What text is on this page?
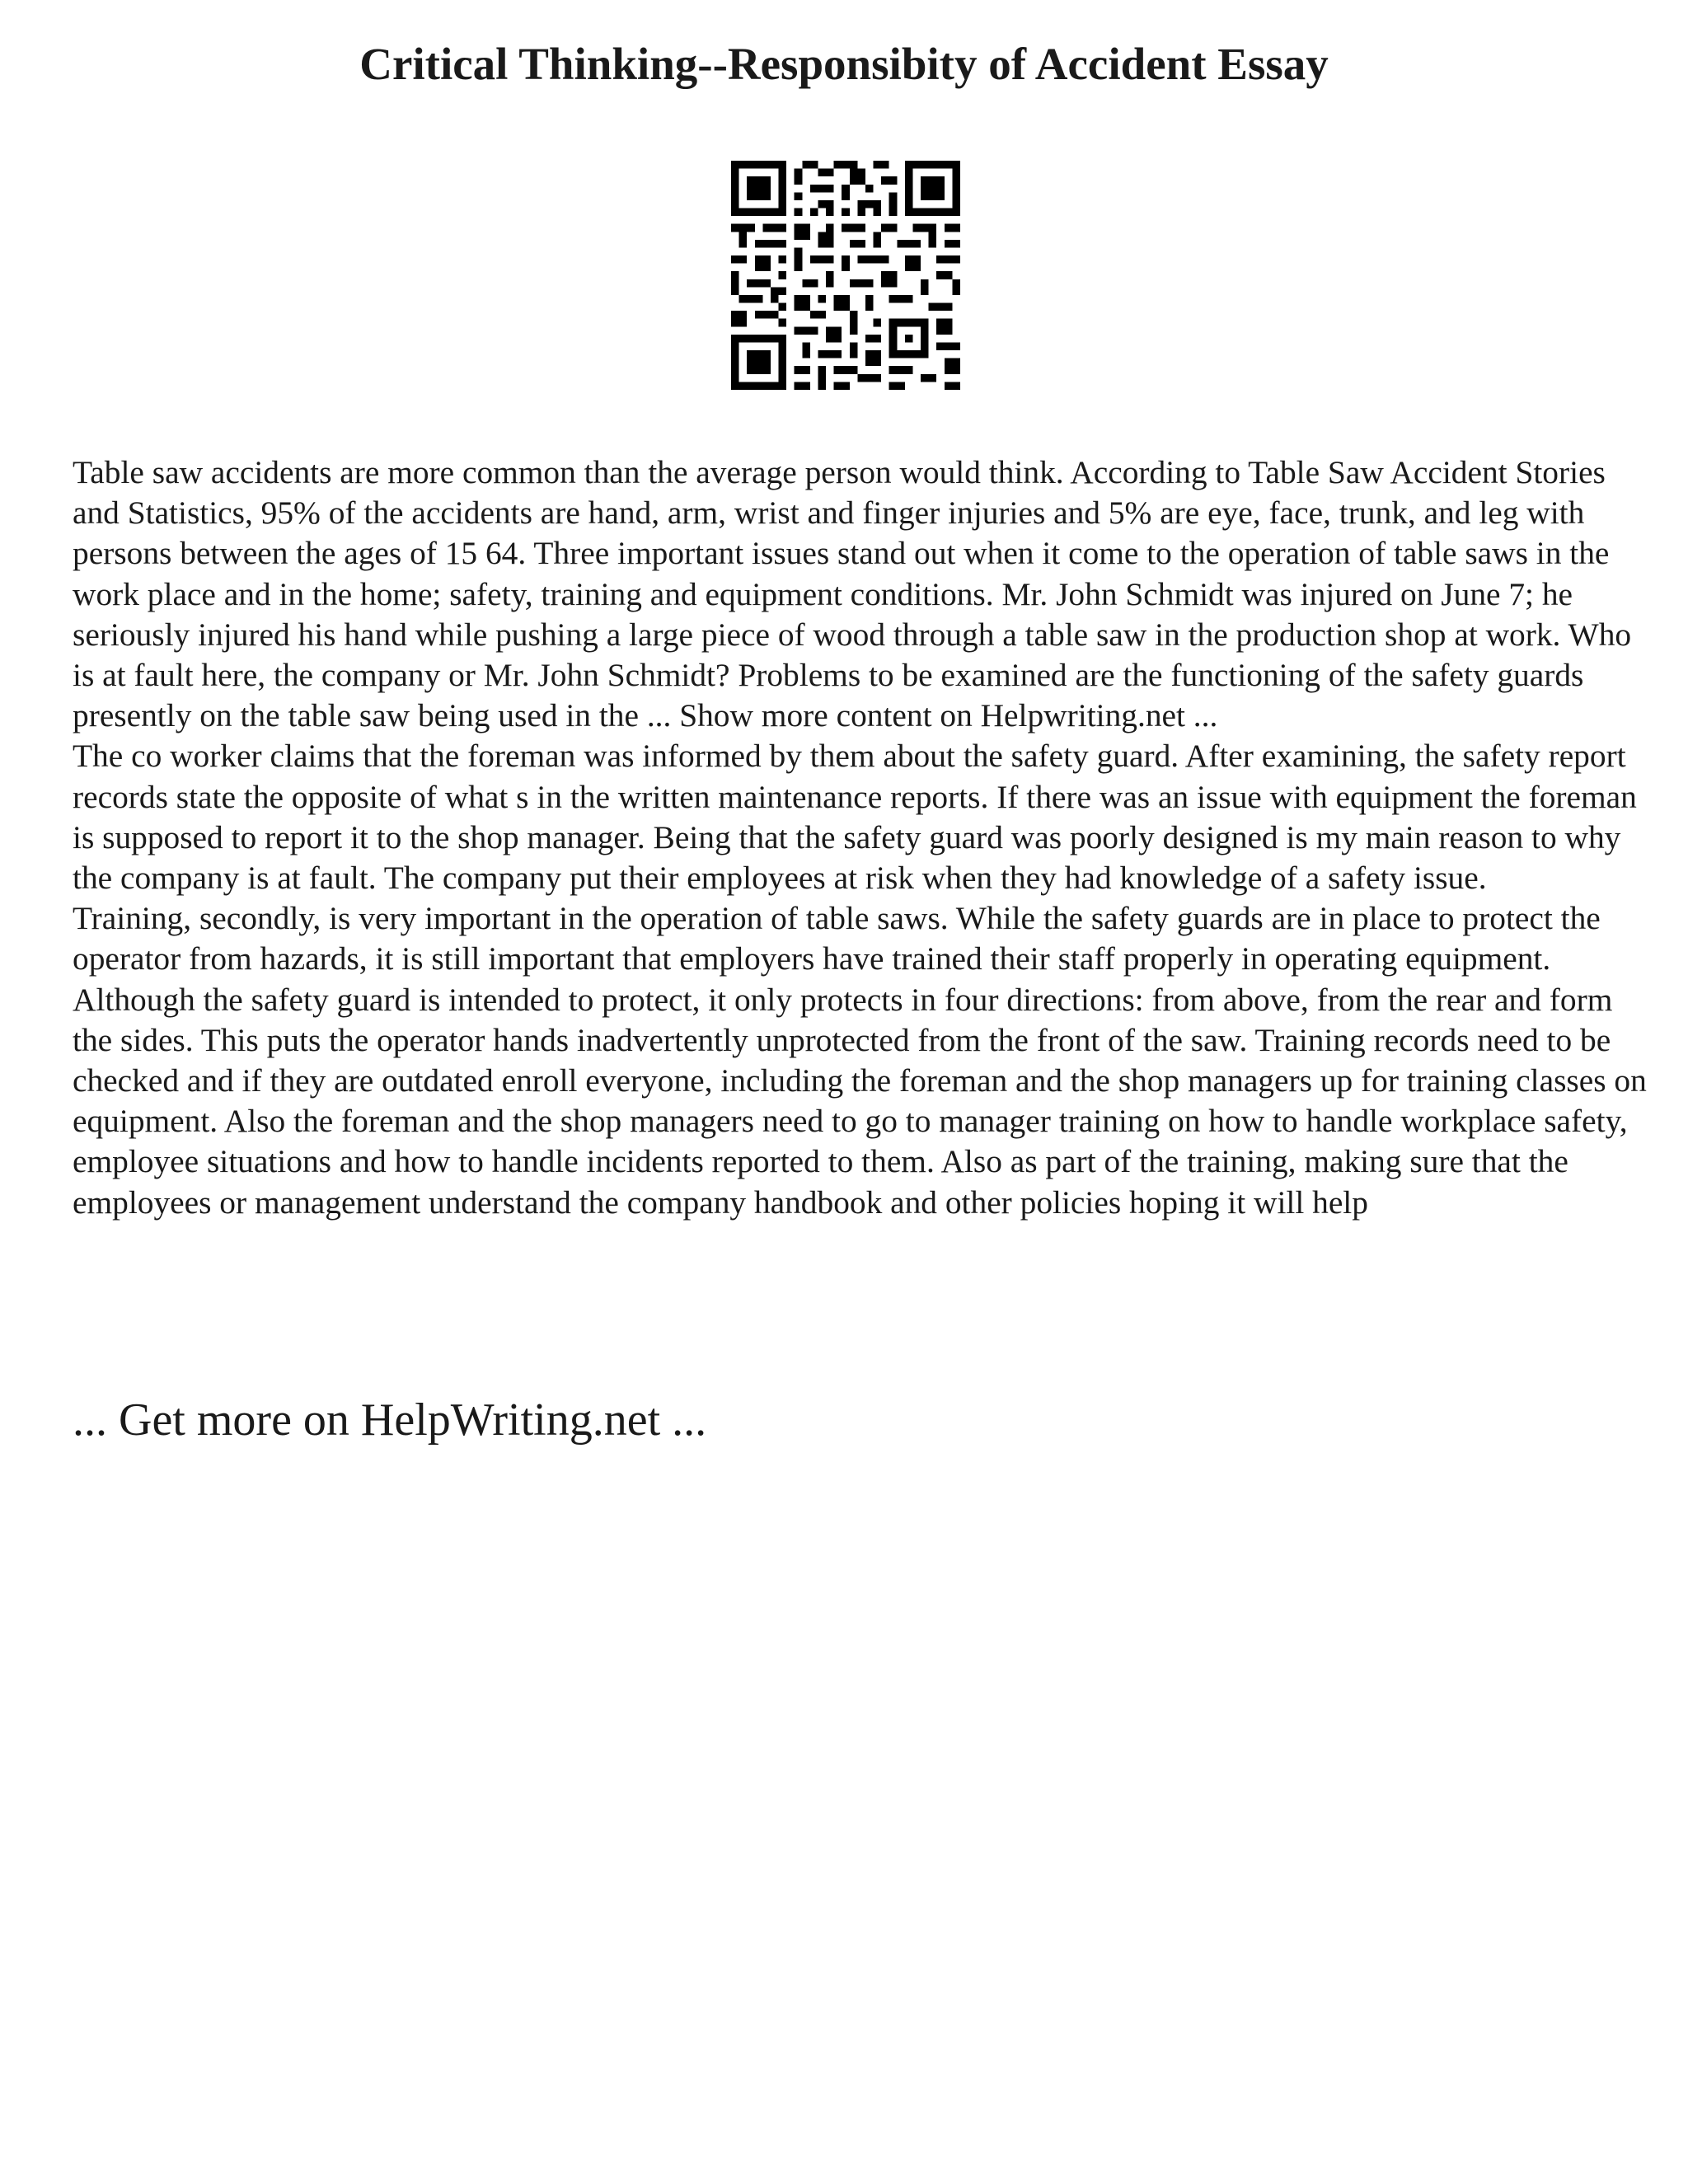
Critical Thinking--Responsibity of Accident Essay

Table saw accidents are more common than the average person would think. According to Table Saw Accident Stories and Statistics, 95% of the accidents are hand, arm, wrist and finger injuries and 5% are eye, face, trunk, and leg with persons between the ages of 15 64. Three important issues stand out when it come to the operation of table saws in the work place and in the home; safety, training and equipment conditions. Mr. John Schmidt was injured on June 7; he seriously injured his hand while pushing a large piece of wood through a table saw in the production shop at work. Who is at fault here, the company or Mr. John Schmidt? Problems to be examined are the functioning of the safety guards presently on the table saw being used in the ... Show more content on Helpwriting.net ...

The co worker claims that the foreman was informed by them about the safety guard. After examining, the safety report records state the opposite of what s in the written maintenance reports. If there was an issue with equipment the foreman is supposed to report it to the shop manager. Being that the safety guard was poorly designed is my main reason to why the company is at fault. The company put their employees at risk when they had knowledge of a safety issue.

Training, secondly, is very important in the operation of table saws. While the safety guards are in place to protect the operator from hazards, it is still important that employers have trained their staff properly in operating equipment. Although the safety guard is intended to protect, it only protects in four directions: from above, from the rear and form the sides. This puts the operator hands inadvertently unprotected from the front of the saw. Training records need to be checked and if they are outdated enroll everyone, including the foreman and the shop managers up for training classes on equipment. Also the foreman and the shop managers need to go to manager training on how to handle workplace safety, employee situations and how to handle incidents reported to them. Also as part of the training, making sure that the employees or management understand the company handbook and other policies hoping it will help

... Get more on HelpWriting.net ...
